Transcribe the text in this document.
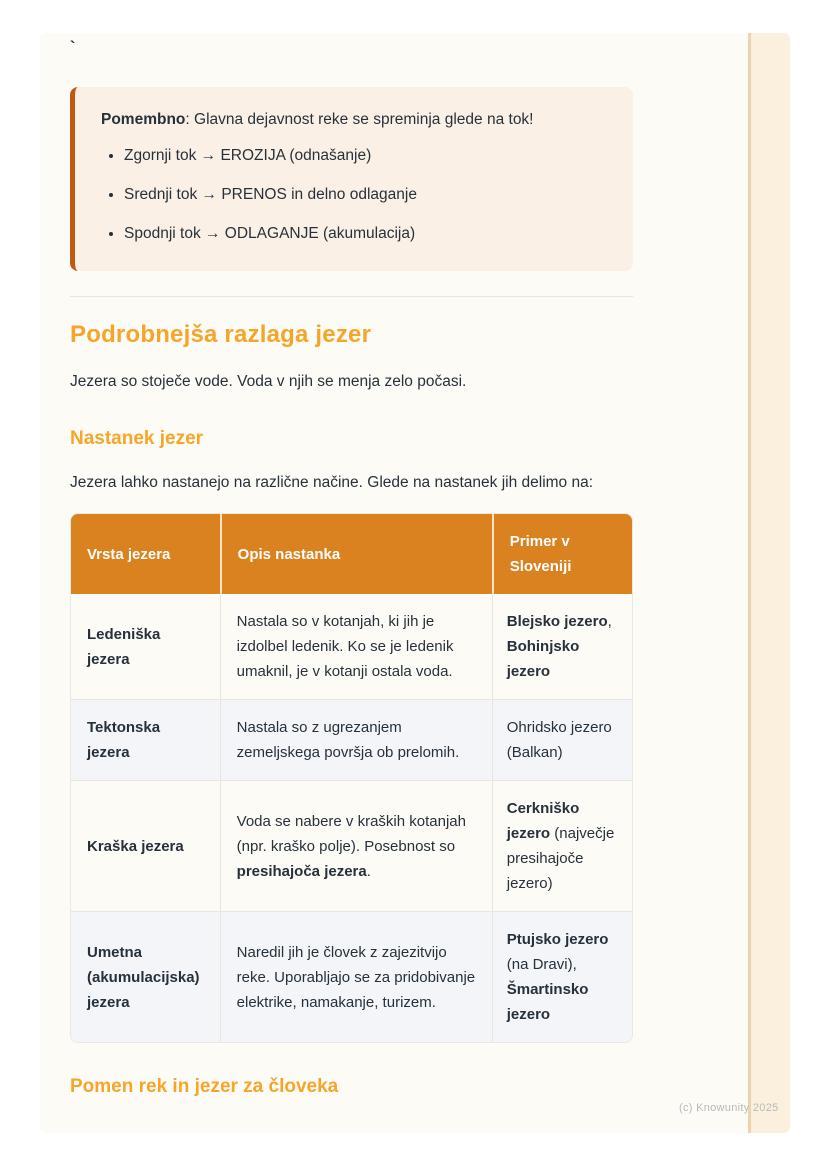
`

Pomembno: Glavna dejavnost reke se spreminja glede na tok!

• Zgornji tok → EROZIJA (odnašanje)
• Srednji tok → PRENOS in delno odlaganje
• Spodnji tok → ODLAGANJE (akumulacija)
Podrobnejša razlaga jezer

Jezera so stoječe vode. Voda v njih se menja zelo počasi.

Nastanek jezer

Jezera lahko nastanejo na različne načine. Glede na nastanek jih delimo na:

Vrsta jezera	Opis nastanka	Primer v Sloveniji
Ledeniška jezera	Nastala so v kotanjah, ki jih je izdolbel ledenik. Ko se je ledenik umaknil, je v kotanji ostala voda.	Blejsko jezero, Bohinjsko jezero
Tektonska jezera	Nastala so z ugrezanjem zemeljskega površja ob prelomih.	Ohridsko jezero (Balkan)
Kraška jezera	Voda se nabere v kraških kotanjah (npr. kraško polje). Posebnost so presihajoča jezera.	Cerkniško jezero (največje presihajoče jezero)
Umetna (akumulacijska) jezera	Naredil jih je človek z zajezitvijo reke. Uporabljajo se za pridobivanje elektrike, namakanje, turizem.	Ptujsko jezero (na Dravi), Šmartinsko jezero
Pomen rek in jezer za človeka
(c) Knowunity 2025
